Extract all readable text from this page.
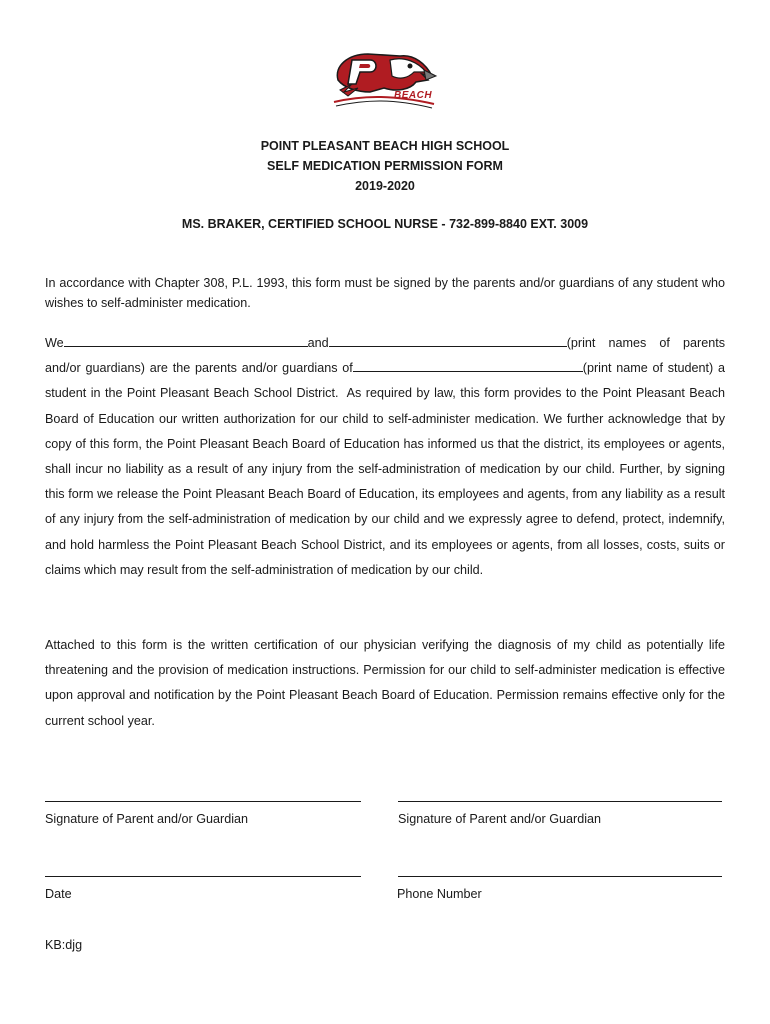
BEACH
POINT PLEASANT BEACH HIGH SCHOOL
SELF MEDICATION PERMISSION FORM
2019-2020
MS. BRAKER, CERTIFIED SCHOOL NURSE - 732-899-8840 EXT. 3009

In accordance with Chapter 308, P.L. 1993, this form must be signed by the parents and/or guardians of any student who wishes to self-administer medication.

We	and	(print names of parents and/or guardians) are the parents and/or guardians of	(print name of student) a student in the Point Pleasant Beach School District. As required by law, this form provides to the Point Pleasant Beach Board of Education our written authorization for our child to self-administer medication. We further acknowledge that by copy of this form, the Point Pleasant Beach Board of Education has informed us that the district, its employees or agents, shall incur no liability as a result of any injury from the self-administration of medication by our child. Further, by signing this form we release the Point Pleasant Beach Board of Education, its employees and agents, from any liability as a result of any injury from the self-administration of medication by our child and we expressly agree to defend, protect, indemnify, and hold harmless the Point Pleasant Beach School District, and its employees or agents, from all losses, costs, suits or claims which may result from the self-administration of medication by our child.

Attached to this form is the written certification of our physician verifying the diagnosis of my child as potentially life threatening and the provision of medication instructions. Permission for our child to self-administer medication is effective upon approval and notification by the Point Pleasant Beach Board of Education. Permission remains effective only for the current school year.

Signature of Parent and/or Guardian	Signature of Parent and/or Guardian
Date	Phone Number
KB:djg
